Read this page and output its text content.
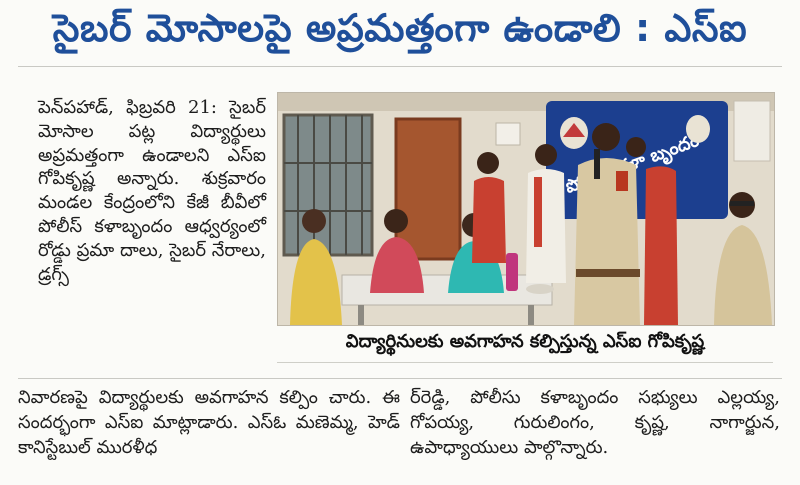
సైబర్ మోసాలపై అప్రమత్తంగా ఉండాలి : ఎస్ఐ

పెన్‌పహాడ్, ఫిబ్రవరి 21: సైబర్ మోసాల పట్ల విద్యార్థులు అప్రమత్తంగా ఉండాలని ఎస్ఐ గోపికృష్ణ అన్నారు. శుక్రవారం మండల కేంద్రంలోని కేజీ బీవీలో పోలీస్ కళాబృందం ఆధ్వర్యంలో రోడ్డు ప్రమా దాలు, సైబర్ నేరాలు, డ్రగ్స్

బృందం
విద్యార్థినులకు అవగాహన కల్పిస్తున్న ఎస్ఐ గోపికృష్ణ

నివారణపై విద్యార్థులకు అవగాహన కల్పిం చారు. ఈ సందర్భంగా ఎస్ఐ మాట్లాడారు. ఎస్ఓ మణెమ్మ, హెడ్ కానిస్టేబుల్ మురళీధ

ర్‌రెడ్డి, పోలీసు కళాబృందం సభ్యులు ఎల్లయ్య, గోపయ్య, గురులింగం, కృష్ణ, నాగార్జున, ఉపాధ్యాయులు పాల్గొన్నారు.
